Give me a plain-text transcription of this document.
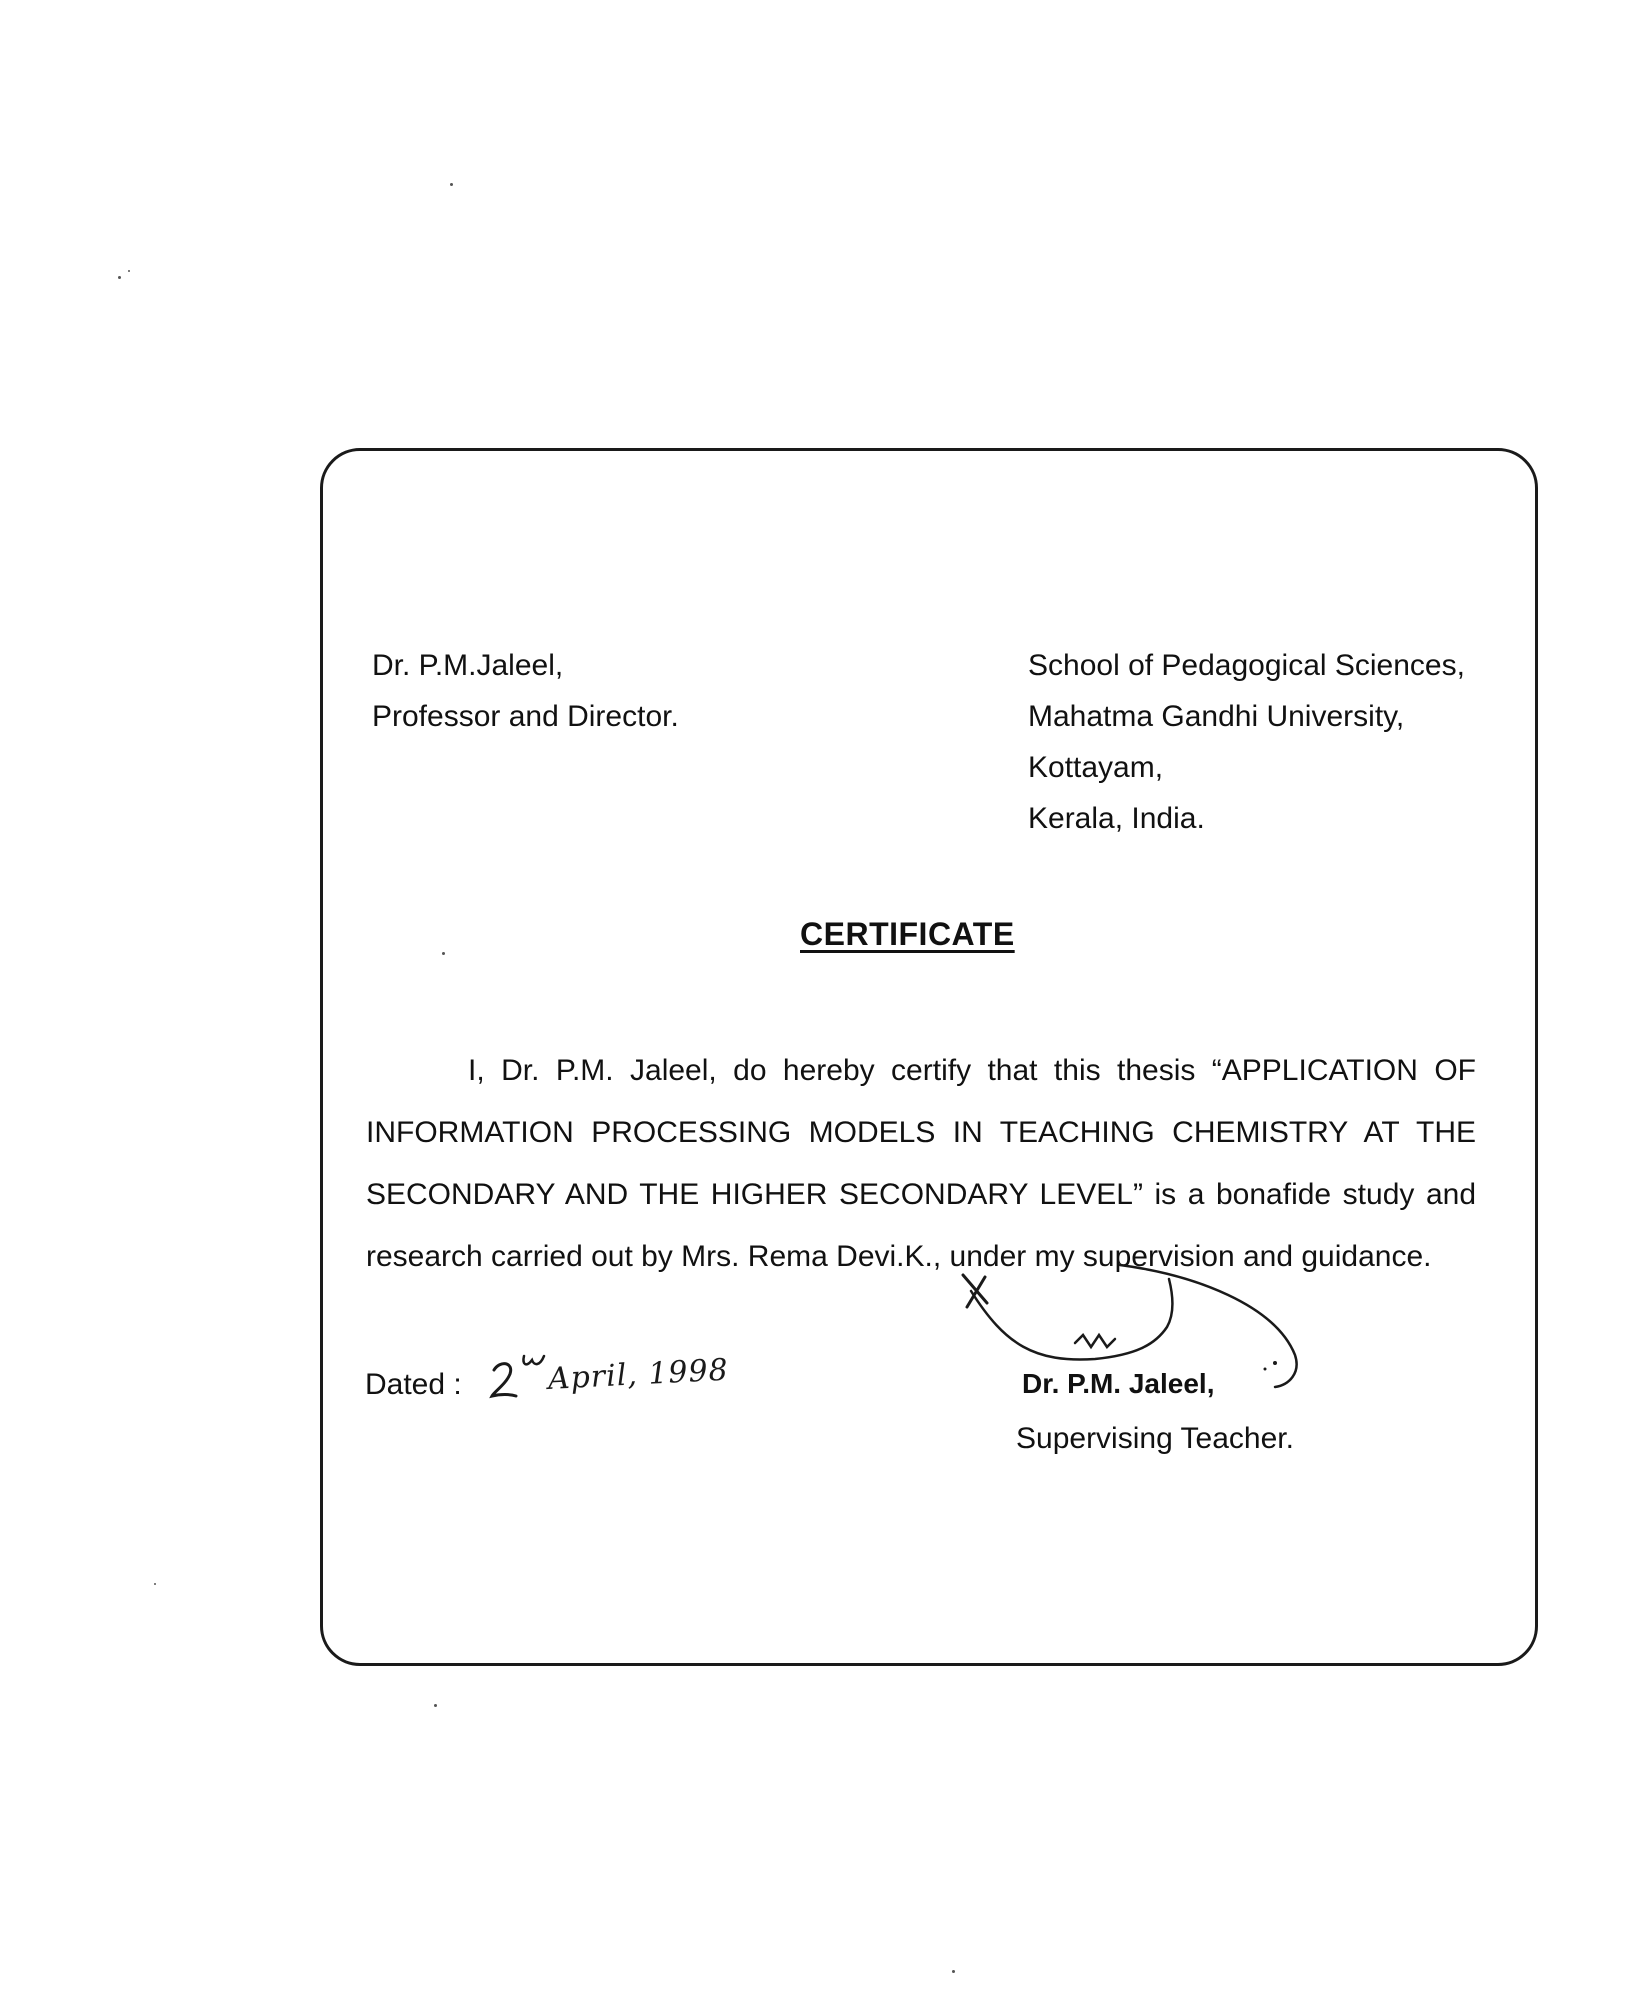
Dr. P.M.Jaleel,
Professor and Director.
School of Pedagogical Sciences,
Mahatma Gandhi University,
Kottayam,
Kerala, India.
CERTIFICATE
I, Dr. P.M. Jaleel, do hereby certify that this thesis “APPLICATION OF INFORMATION PROCESSING MODELS IN TEACHING CHEMISTRY AT THE SECONDARY AND THE HIGHER SECONDARY LEVEL” is a bonafide study and research carried out by Mrs. Rema Devi.K., under my supervision and guidance.
Dated :	April, 1998	Dr. P.M. Jaleel,
Supervising Teacher.
